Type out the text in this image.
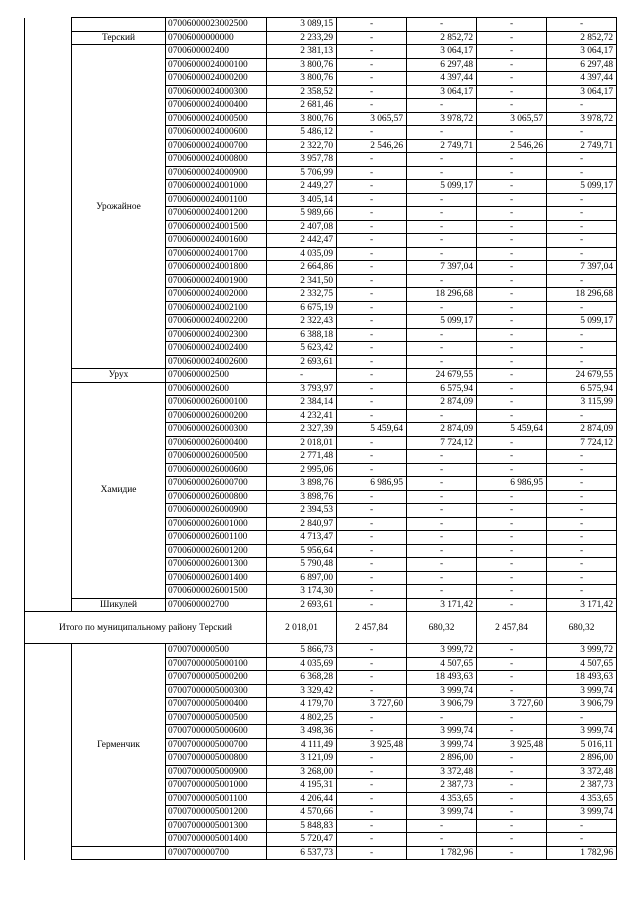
		07006000023002500	3 089,15	-	-	-	-
	Терский	07006000000000	2 233,29	-	2 852,72	-	2 852,72
	Урожайное	0700600002400	2 381,13	-	3 064,17	-	3 064,17
		07006000024000100	3 800,76	-	6 297,48	-	6 297,48
		07006000024000200	3 800,76	-	4 397,44	-	4 397,44
		07006000024000300	2 358,52	-	3 064,17	-	3 064,17
		07006000024000400	2 681,46	-	-	-	-
		07006000024000500	3 800,76	3 065,57	3 978,72	3 065,57	3 978,72
		07006000024000600	5 486,12	-	-	-	-
		07006000024000700	2 322,70	2 546,26	2 749,71	2 546,26	2 749,71
		07006000024000800	3 957,78	-	-	-	-
		07006000024000900	5 706,99	-	-	-	-
		07006000024001000	2 449,27	-	5 099,17	-	5 099,17
		07006000024001100	3 405,14	-	-	-	-
		07006000024001200	5 989,66	-	-	-	-
		07006000024001500	2 407,08	-	-	-	-
		07006000024001600	2 442,47	-	-	-	-
		07006000024001700	4 035,09	-	-	-	-
		07006000024001800	2 664,86	-	7 397,04	-	7 397,04
		07006000024001900	2 341,50	-	-	-	-
		07006000024002000	2 332,75	-	18 296,68	-	18 296,68
		07006000024002100	6 675,19	-	-	-	-
		07006000024002200	2 322,43	-	5 099,17	-	5 099,17
		07006000024002300	6 388,18	-	-	-	-
		07006000024002400	5 623,42	-	-	-	-
		07006000024002600	2 693,61	-	-	-	-
	Урух	0700600002500	-	-	24 679,55	-	24 679,55
	Хамидие	0700600002600	3 793,97	-	6 575,94	-	6 575,94
		07006000026000100	2 384,14	-	2 874,09	-	3 115,99
		07006000026000200	4 232,41	-	-	-	-
		07006000026000300	2 327,39	5 459,64	2 874,09	5 459,64	2 874,09
		07006000026000400	2 018,01	-	7 724,12	-	7 724,12
		07006000026000500	2 771,48	-	-	-	-
		07006000026000600	2 995,06	-	-	-	-
		07006000026000700	3 898,76	6 986,95	-	6 986,95	-
		07006000026000800	3 898,76	-	-	-	-
		07006000026000900	2 394,53	-	-	-	-
		07006000026001000	2 840,97	-	-	-	-
		07006000026001100	4 713,47	-	-	-	-
		07006000026001200	5 956,64	-	-	-	-
		07006000026001300	5 790,48	-	-	-	-
		07006000026001400	6 897,00	-	-	-	-
		07006000026001500	3 174,30	-	-	-	-
	Шикулей	0700600002700	2 693,61	-	3 171,42	-	3 171,42
Итого по муниципальному району Терский			2 018,01	2 457,84	680,32	2 457,84	680,32
	Герменчик	0700700000500	5 866,73	-	3 999,72	-	3 999,72
		07007000005000100	4 035,69	-	4 507,65	-	4 507,65
		07007000005000200	6 368,28	-	18 493,63	-	18 493,63
		07007000005000300	3 329,42	-	3 999,74	-	3 999,74
		07007000005000400	4 179,70	3 727,60	3 906,79	3 727,60	3 906,79
		07007000005000500	4 802,25	-	-	-	-
		07007000005000600	3 498,36	-	3 999,74	-	3 999,74
		07007000005000700	4 111,49	3 925,48	3 999,74	3 925,48	5 016,11
		07007000005000800	3 121,09	-	2 896,00	-	2 896,00
		07007000005000900	3 268,00	-	3 372,48	-	3 372,48
		07007000005001000	4 195,31	-	2 387,73	-	2 387,73
		07007000005001100	4 206,44	-	4 353,65	-	4 353,65
		07007000005001200	4 570,66	-	3 999,74	-	3 999,74
		07007000005001300	5 848,83	-	-	-	-
		07007000005001400	5 720,47	-	-	-	-
		0700700000700	6 537,73	-	1 782,96	-	1 782,96
